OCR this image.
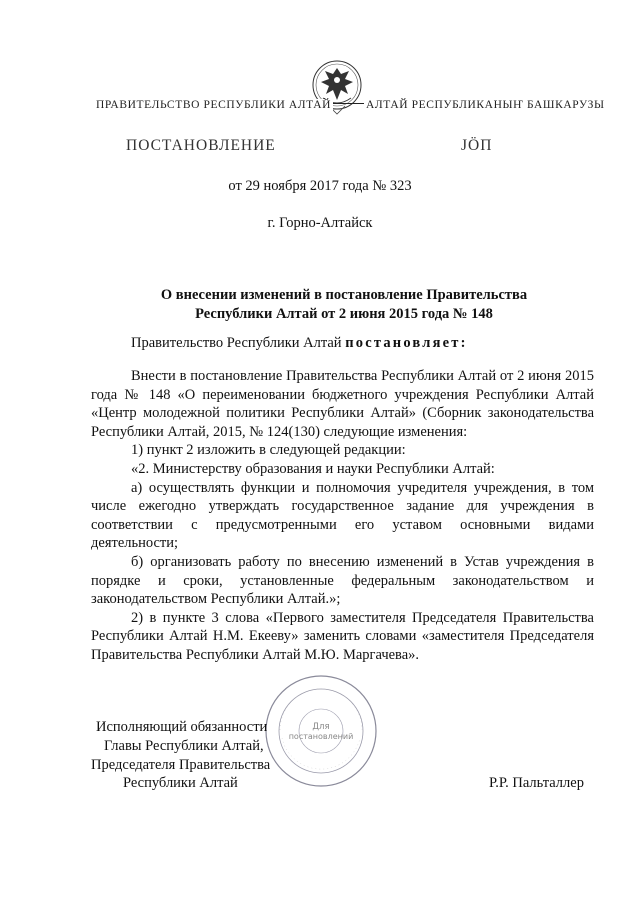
ПРАВИТЕЛЬСТВО РЕСПУБЛИКИ АЛТАЙ	АЛТАЙ РЕСПУБЛИКАНЫҤ БАШКАРУЗЫ
ПОСТАНОВЛЕНИЕ	ЈӦП
от 29 ноября 2017 года № 323
г. Горно-Алтайск
О внесении изменений в постановление Правительства
Республики Алтай от 2 июня 2015 года № 148
Правительство Республики Алтай постановляет:

Внести в постановление Правительства Республики Алтай от 2 июня 2015 года № 148 «О переименовании бюджетного учреждения Республики Алтай «Центр молодежной политики Республики Алтай» (Сборник законодательства Республики Алтай, 2015, № 124(130) следующие изменения:

1) пункт 2 изложить в следующей редакции:

«2. Министерству образования и науки Республики Алтай:

а) осуществлять функции и полномочия учредителя учреждения, в том числе ежегодно утверждать государственное задание для учреждения в соответствии с предусмотренными его уставом основными видами деятельности;

б) организовать работу по внесению изменений в Устав учреждения в порядке и сроки, установленные федеральным законодательством и законодательством Республики Алтай.»;

2) в пункте 3 слова «Первого заместителя Председателя Правительства Республики Алтай Н.М. Екееву» заменить словами «заместителя Председателя Правительства Республики Алтай М.Ю. Маргачева».

Для
постановлений
Исполняющий обязанности
Главы Республики Алтай,
Председателя Правительства
Республики Алтай	Р.Р. Пальталлер
